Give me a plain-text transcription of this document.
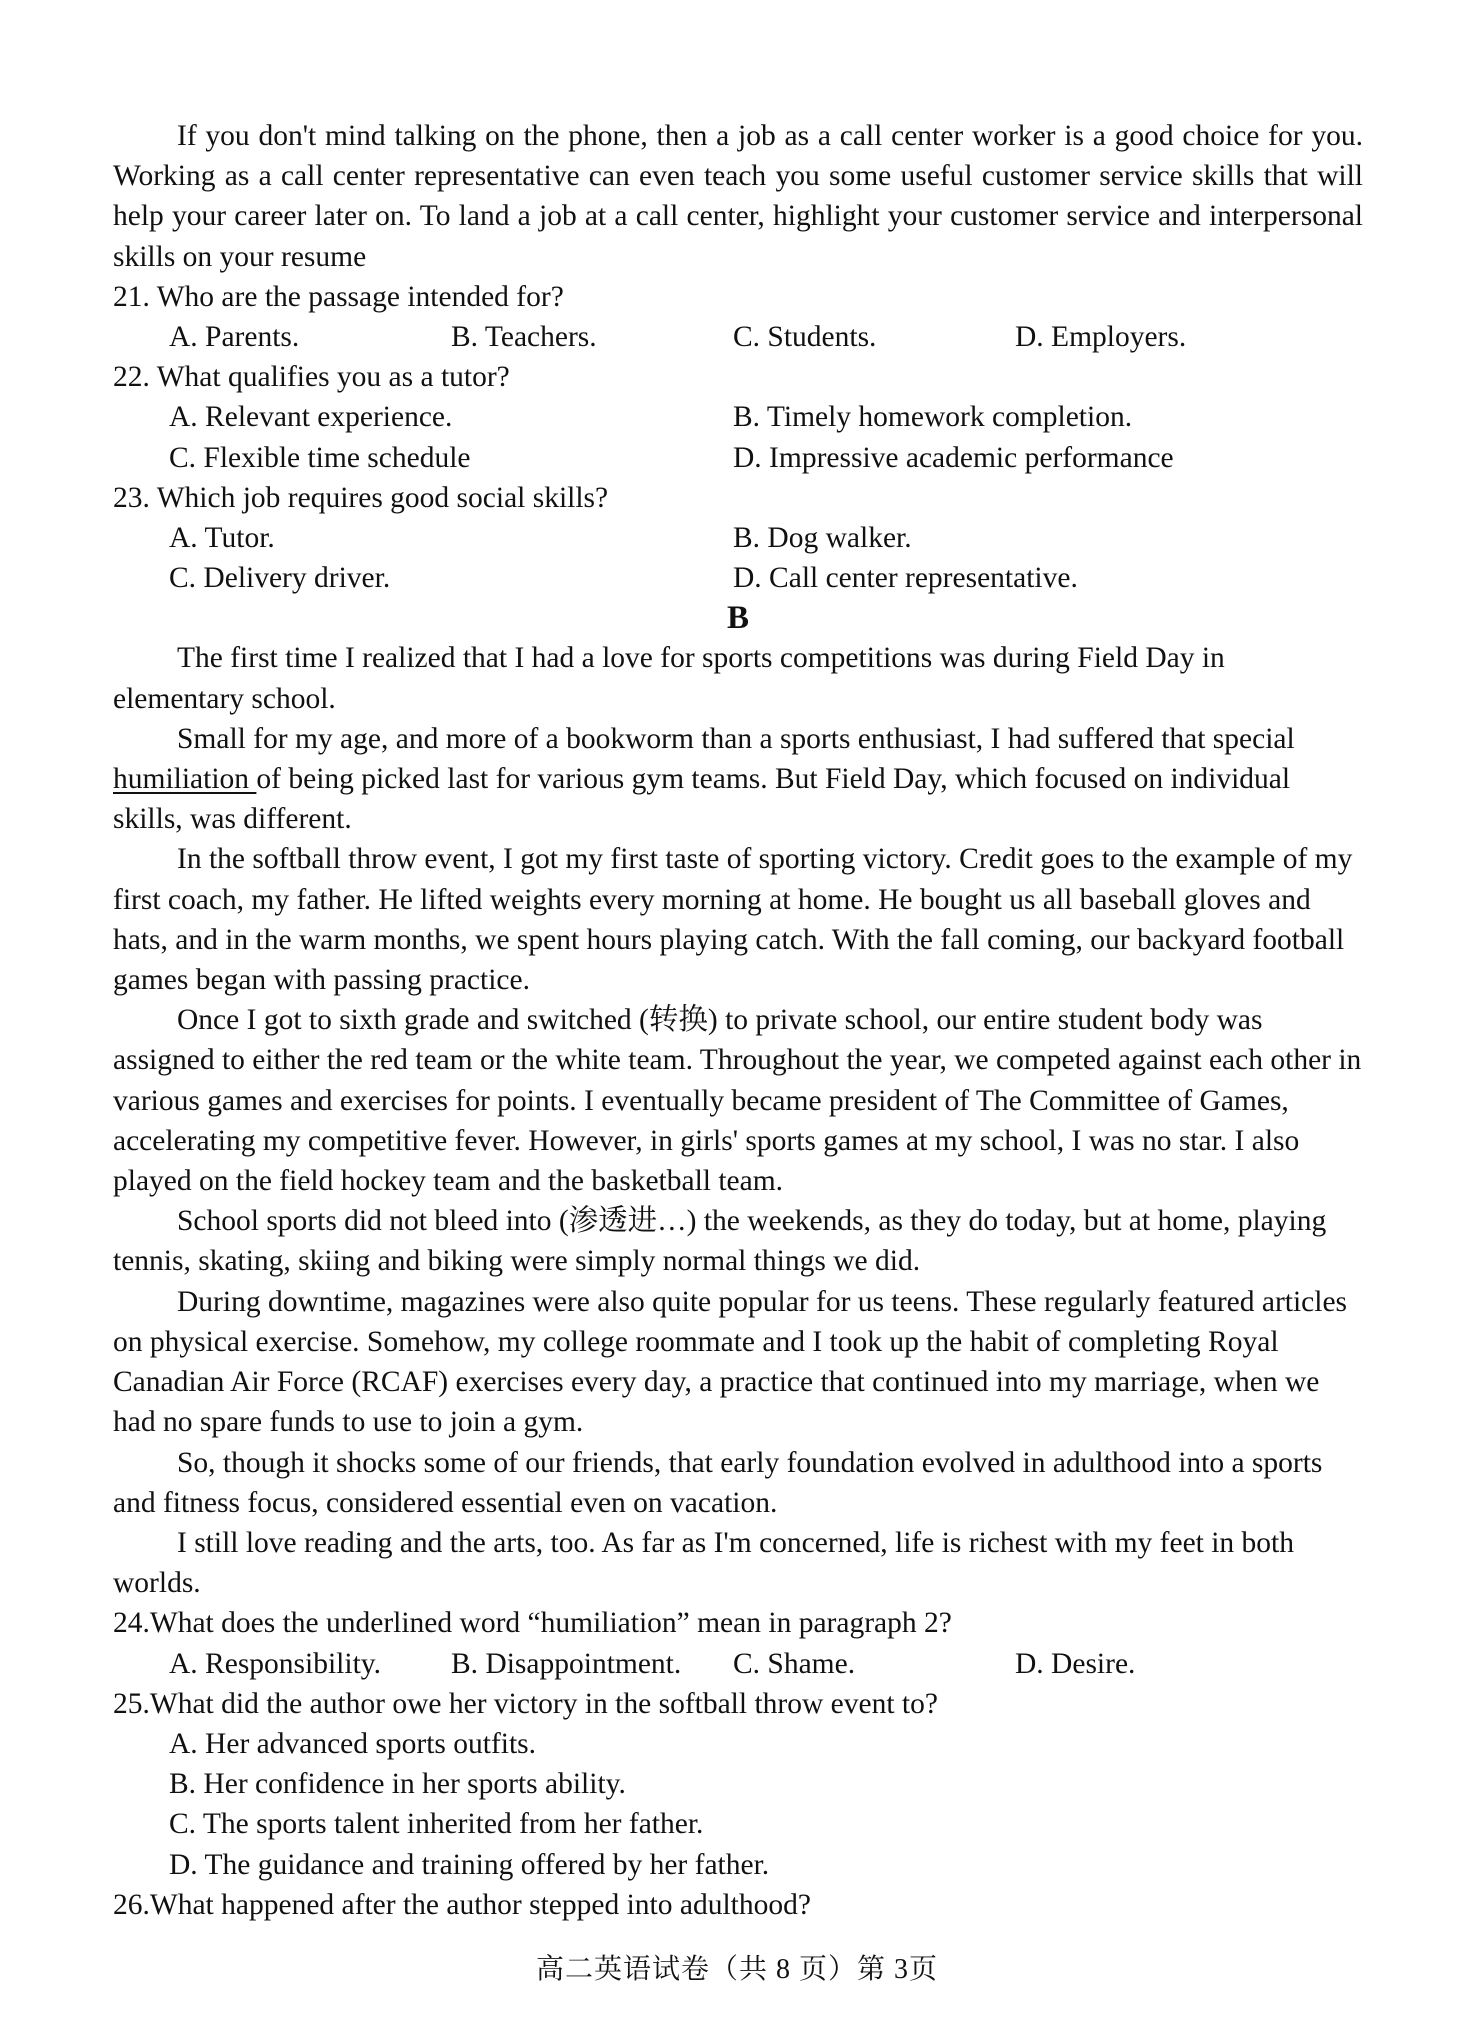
If you don't mind talking on the phone, then a job as a call center worker is a good choice for you. Working as a call center representative can even teach you some useful customer service skills that will help your career later on. To land a job at a call center, highlight your customer service and interpersonal skills on your resume

21. Who are the passage intended for?

A. Parents.	B. Teachers.	C. Students.	D. Employers.

22. What qualifies you as a tutor?

A. Relevant experience.	B. Timely homework completion.
C. Flexible time schedule	D. Impressive academic performance

23. Which job requires good social skills?

A. Tutor.	B. Dog walker.
C. Delivery driver.	D. Call center representative.

B

The first time I realized that I had a love for sports competitions was during Field Day in elementary school.

Small for my age, and more of a bookworm than a sports enthusiast, I had suffered that special humiliation of being picked last for various gym teams. But Field Day, which focused on individual skills, was different.

In the softball throw event, I got my first taste of sporting victory. Credit goes to the example of my first coach, my father. He lifted weights every morning at home. He bought us all baseball gloves and hats, and in the warm months, we spent hours playing catch. With the fall coming, our backyard football games began with passing practice.

Once I got to sixth grade and switched (转换) to private school, our entire student body was assigned to either the red team or the white team. Throughout the year, we competed against each other in various games and exercises for points. I eventually became president of The Committee of Games, accelerating my competitive fever. However, in girls' sports games at my school, I was no star. I also played on the field hockey team and the basketball team.

School sports did not bleed into (渗透进…) the weekends, as they do today, but at home, playing tennis, skating, skiing and biking were simply normal things we did.

During downtime, magazines were also quite popular for us teens. These regularly featured articles on physical exercise. Somehow, my college roommate and I took up the habit of completing Royal Canadian Air Force (RCAF) exercises every day, a practice that continued into my marriage, when we had no spare funds to use to join a gym.

So, though it shocks some of our friends, that early foundation evolved in adulthood into a sports and fitness focus, considered essential even on vacation.

I still love reading and the arts, too. As far as I'm concerned, life is richest with my feet in both worlds.

24.What does the underlined word “humiliation” mean in paragraph 2?

A. Responsibility.	B. Disappointment.	C. Shame.	D. Desire.

25.What did the author owe her victory in the softball throw event to?

A. Her advanced sports outfits.

B. Her confidence in her sports ability.

C. The sports talent inherited from her father.

D. The guidance and training offered by her father.

26.What happened after the author stepped into adulthood?

高二英语试卷（共 8 页）第 3页
